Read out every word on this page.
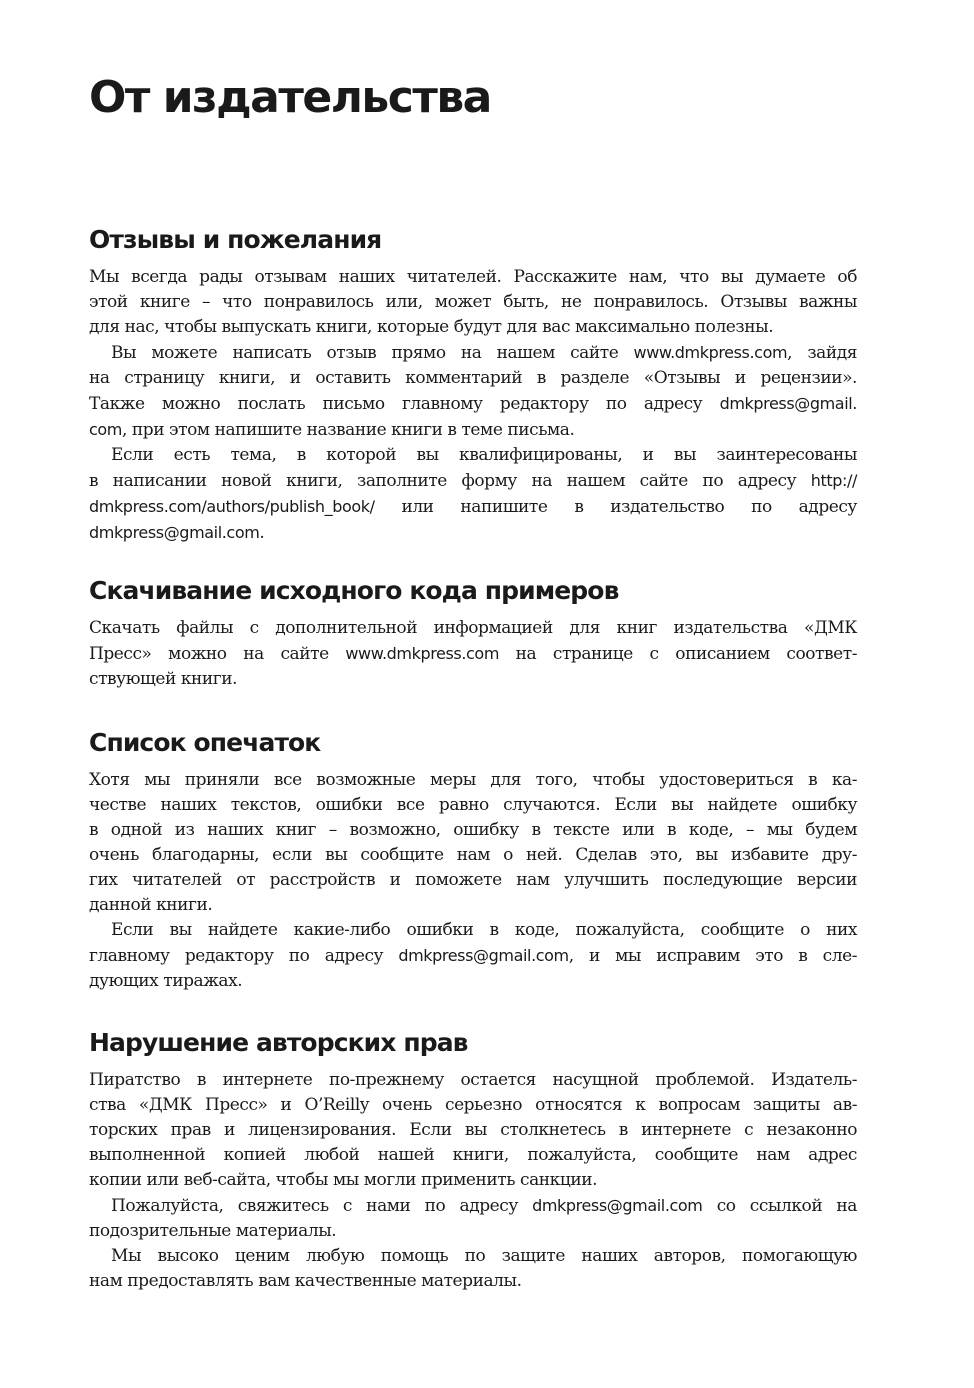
От издательства
Отзывы и пожелания

Мы всегда рады отзывам наших читателей. Расскажите нам, что вы думаете об
этой книге – что понравилось или, может быть, не понравилось. Отзывы важны
для нас, чтобы выпускать книги, которые будут для вас максимально полезны.

Вы можете написать отзыв прямо на нашем сайте www.dmkpress.com, зайдя
на страницу книги, и оставить комментарий в разделе «Отзывы и рецензии».
Также можно послать письмо главному редактору по адресу dmkpress@gmail.
com, при этом напишите название книги в теме письма.

Если есть тема, в которой вы квалифицированы, и вы заинтересованы
в написании новой книги, заполните форму на нашем сайте по адресу http://
dmkpress.com/authors/publish_book/ или напишите в издательство по адресу
dmkpress@gmail.com.

Скачивание исходного кода примеров

Скачать файлы с дополнительной информацией для книг издательства «ДМК
Пресс» можно на сайте www.dmkpress.com на странице с описанием соответ-
ствующей книги.

Список опечаток

Хотя мы приняли все возможные меры для того, чтобы удостовериться в ка-
честве наших текстов, ошибки все равно случаются. Если вы найдете ошибку
в одной из наших книг – возможно, ошибку в тексте или в коде, – мы будем
очень благодарны, если вы сообщите нам о ней. Сделав это, вы избавите дру-
гих читателей от расстройств и поможете нам улучшить последующие версии
данной книги.

Если вы найдете какие-либо ошибки в коде, пожалуйста, сообщите о них
главному редактору по адресу dmkpress@gmail.com, и мы исправим это в сле-
дующих тиражах.

Нарушение авторских прав

Пиратство в интернете по-прежнему остается насущной проблемой. Издатель-
ства «ДМК Пресс» и O’Reilly очень серьезно относятся к вопросам защиты ав-
торских прав и лицензирования. Если вы столкнетесь в интернете с незаконно
выполненной копией любой нашей книги, пожалуйста, сообщите нам адрес
копии или веб-сайта, чтобы мы могли применить санкции.

Пожалуйста, свяжитесь с нами по адресу dmkpress@gmail.com со ссылкой на
подозрительные материалы.

Мы высоко ценим любую помощь по защите наших авторов, помогающую
нам предоставлять вам качественные материалы.
